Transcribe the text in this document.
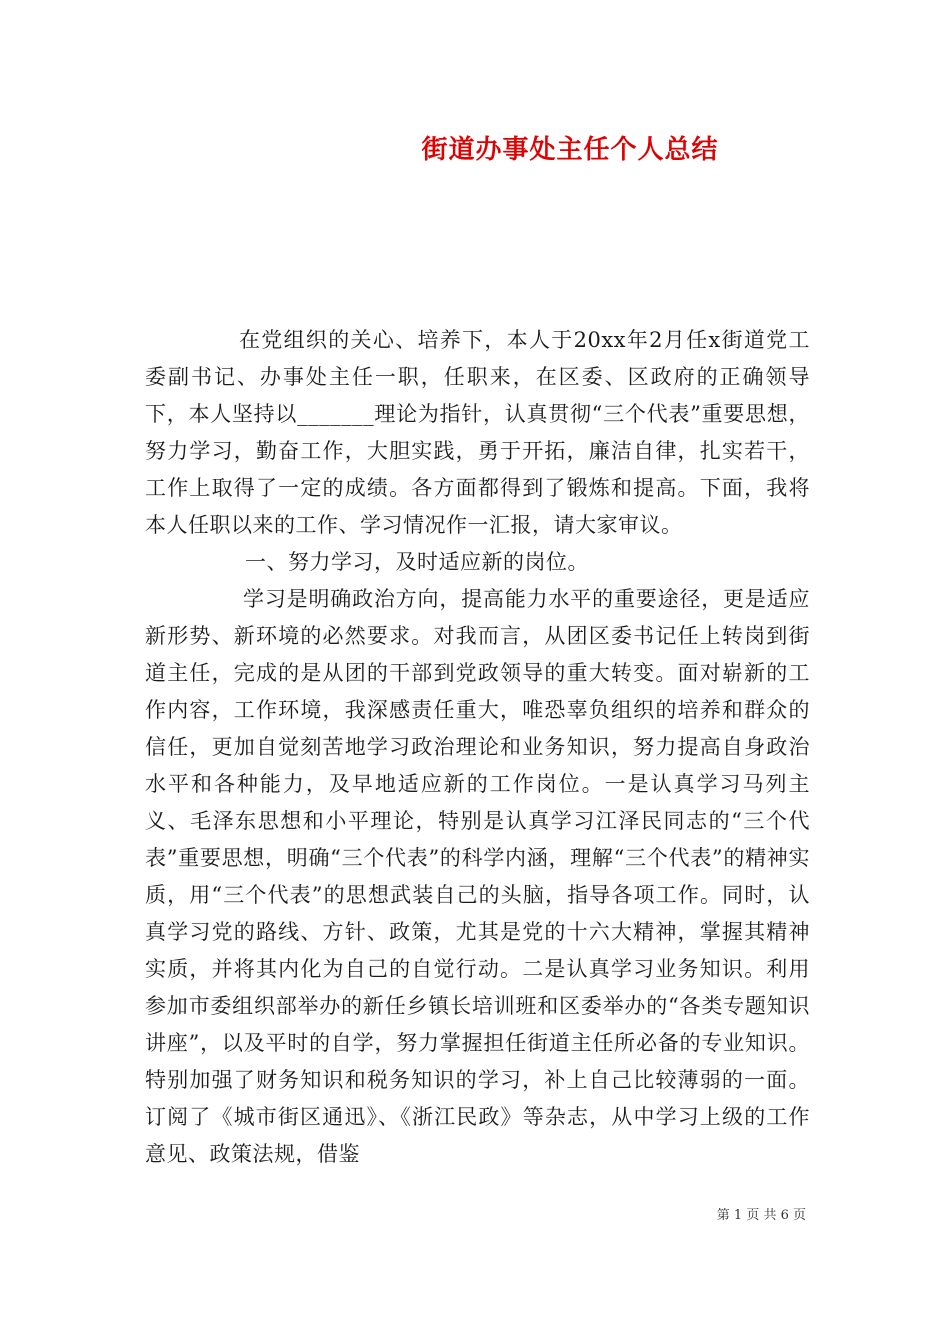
街道办事处主任个人总结

在党组织的关心、培养下，本人于20xx年2月任x街道党工委副书记、办事处主任一职，任职来，在区委、区政府的正确领导下，本人坚持以_______理论为指针，认真贯彻“三个代表”重要思想，努力学习，勤奋工作，大胆实践，勇于开拓，廉洁自律，扎实若干，工作上取得了一定的成绩。各方面都得到了锻炼和提高。下面，我将本人任职以来的工作、学习情况作一汇报，请大家审议。

一、努力学习，及时适应新的岗位。

学习是明确政治方向，提高能力水平的重要途径，更是适应新形势、新环境的必然要求。对我而言，从团区委书记任上转岗到街道主任，完成的是从团的干部到党政领导的重大转变。面对崭新的工作内容，工作环境，我深感责任重大，唯恐辜负组织的培养和群众的信任，更加自觉刻苦地学习政治理论和业务知识，努力提高自身政治水平和各种能力，及早地适应新的工作岗位。一是认真学习马列主义、毛泽东思想和小平理论，特别是认真学习江泽民同志的“三个代表”重要思想，明确“三个代表”的科学内涵，理解“三个代表”的精神实质，用“三个代表”的思想武装自己的头脑，指导各项工作。同时，认真学习党的路线、方针、政策，尤其是党的十六大精神，掌握其精神实质，并将其内化为自己的自觉行动。二是认真学习业务知识。利用参加市委组织部举办的新任乡镇长培训班和区委举办的“各类专题知识讲座”，以及平时的自学，努力掌握担任街道主任所必备的专业知识。特别加强了财务知识和税务知识的学习，补上自己比较薄弱的一面。订阅了《城市街区通迅》、《浙江民政》等杂志，从中学习上级的工作意见、政策法规，借鉴

第 1 页 共 6 页
